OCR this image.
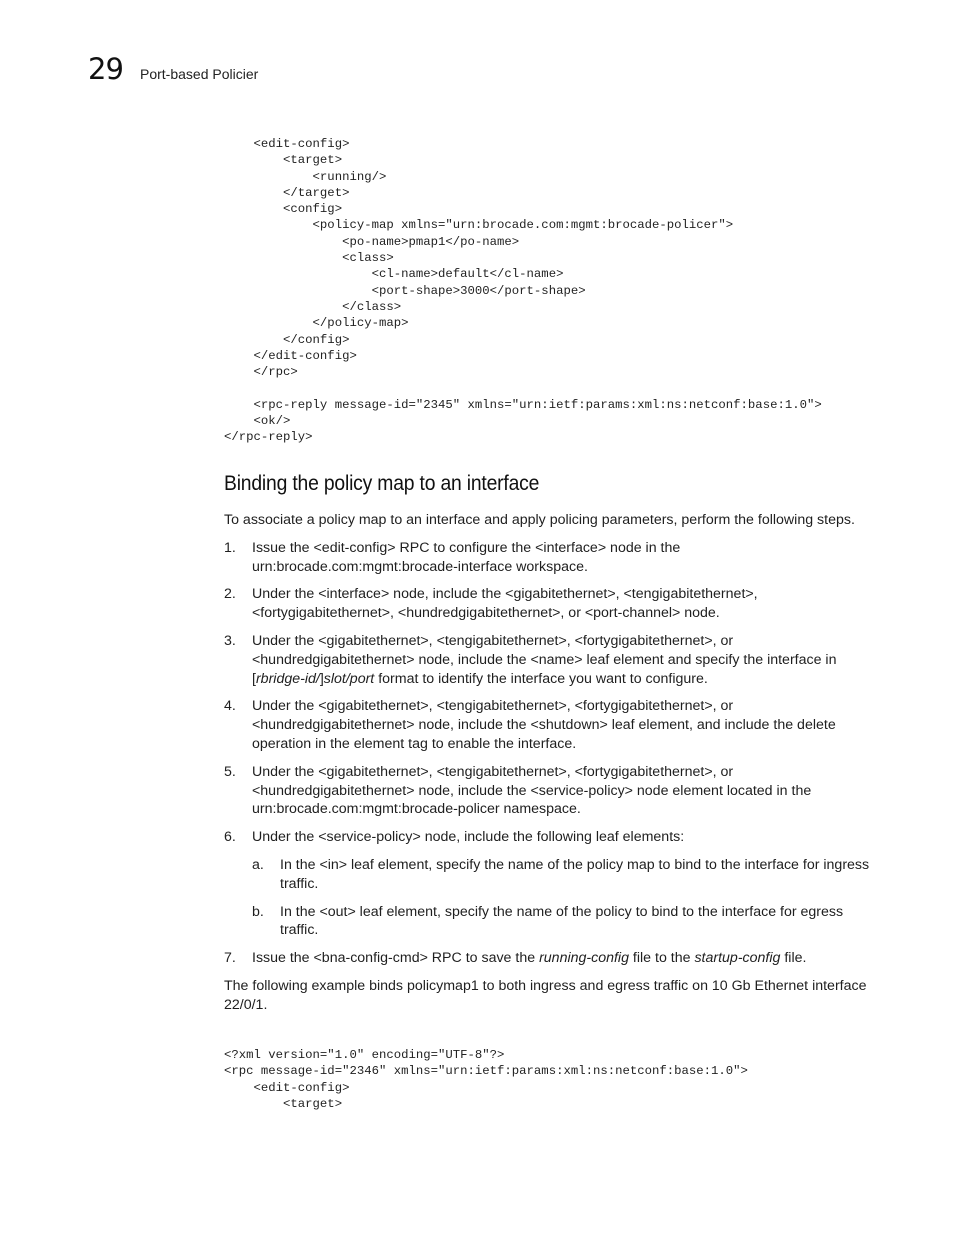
29 Port-based Policier
<edit-config>
<target>
<running/>
</target>
<config>
<policy-map xmlns="urn:brocade.com:mgmt:brocade-policer">
<po-name>pmap1</po-name>
<class>
<cl-name>default</cl-name>
<port-shape>3000</port-shape>
</class>
</policy-map>
</config>
</edit-config>
</rpc>

<rpc-reply message-id="2345" xmlns="urn:ietf:params:xml:ns:netconf:base:1.0">
<ok/>
</rpc-reply>
Binding the policy map to an interface

To associate a policy map to an interface and apply policing parameters, perform the following steps.

1.	Issue the <edit-config> RPC to configure the <interface> node in the urn:brocade.com:mgmt:brocade-interface workspace.
2.	Under the <interface> node, include the <gigabitethernet>, <tengigabitethernet>, <fortygigabitethernet>, <hundredgigabitethernet>, or <port-channel> node.
3.	Under the <gigabitethernet>, <tengigabitethernet>, <fortygigabitethernet>, or <hundredgigabitethernet> node, include the <name> leaf element and specify the interface in [rbridge-id/]slot/port format to identify the interface you want to configure.
4.	Under the <gigabitethernet>, <tengigabitethernet>, <fortygigabitethernet>, or <hundredgigabitethernet> node, include the <shutdown> leaf element, and include the delete operation in the element tag to enable the interface.
5.	Under the <gigabitethernet>, <tengigabitethernet>, <fortygigabitethernet>, or <hundredgigabitethernet> node, include the <service-policy> node element located in the urn:brocade.com:mgmt:brocade-policer namespace.
6.	Under the <service-policy> node, include the following leaf elements:
a.	In the <in> leaf element, specify the name of the policy map to bind to the interface for ingress traffic.
b.	In the <out> leaf element, specify the name of the policy to bind to the interface for egress traffic.
7.	Issue the <bna-config-cmd> RPC to save the running-config file to the startup-config file.

The following example binds policymap1 to both ingress and egress traffic on 10 Gb Ethernet interface 22/0/1.

<?xml version="1.0" encoding="UTF-8"?>
<rpc message-id="2346" xmlns="urn:ietf:params:xml:ns:netconf:base:1.0">
<edit-config>
<target>
